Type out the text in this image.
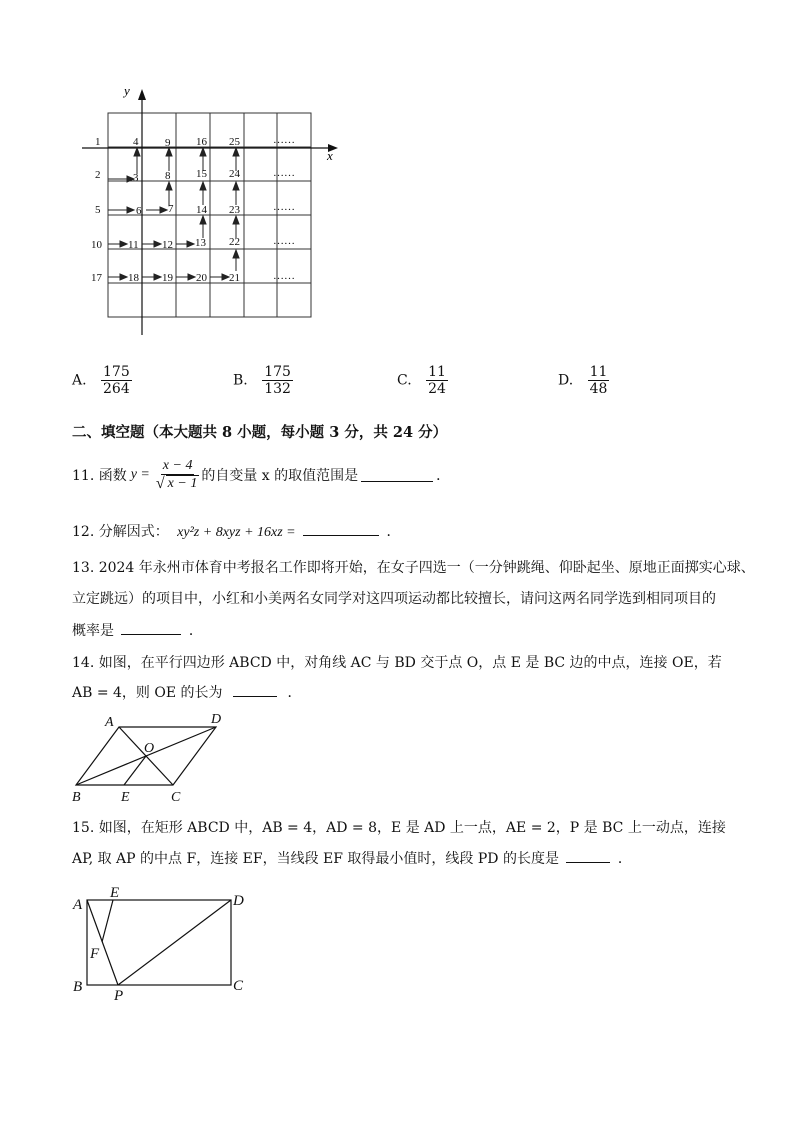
y
x
1	4 9 16 25	……
2	3 8 15 24	……
5	6 7 14 23	……
10 11 12 13 22	……
17 18 19 20 21	……
A. $\frac{175}{264}$	B. $\frac{175}{132}$	C. $\frac{11}{24}$	D. $\frac{11}{48}$
二、填空题（本大题共 8 小题，每小题 3 分，共 24 分）
11. 函数 $y = \frac{x - 4}{√ x - 1}$ 的自变量 x 的取值范围是	．
12. 分解因式： xy²z + 8xyz + 16xz =	．
13. 2024 年永州市体育中考报名工作即将开始，在女子四选一（一分钟跳绳、仰卧起坐、原地正面掷实心球、
立定跳远）的项目中，小红和小美两名女同学对这四项运动都比较擅长，请问这两名同学选到相同项目的
概率是	．
14. 如图，在平行四边形 ABCD 中，对角线 AC 与 BD 交于点 O，点 E 是 BC 边的中点，连接 OE，若
AB = 4，则 OE 的长为	．
A	D
O
B	E	C
15. 如图，在矩形 ABCD 中，AB = 4，AD = 8，E 是 AD 上一点，AE = 2，P 是 BC 上一动点，连接
AP, 取 AP 的中点 F，连接 EF，当线段 EF 取得最小值时，线段 PD 的长度是	．
A
E	D
F
B
P
C
